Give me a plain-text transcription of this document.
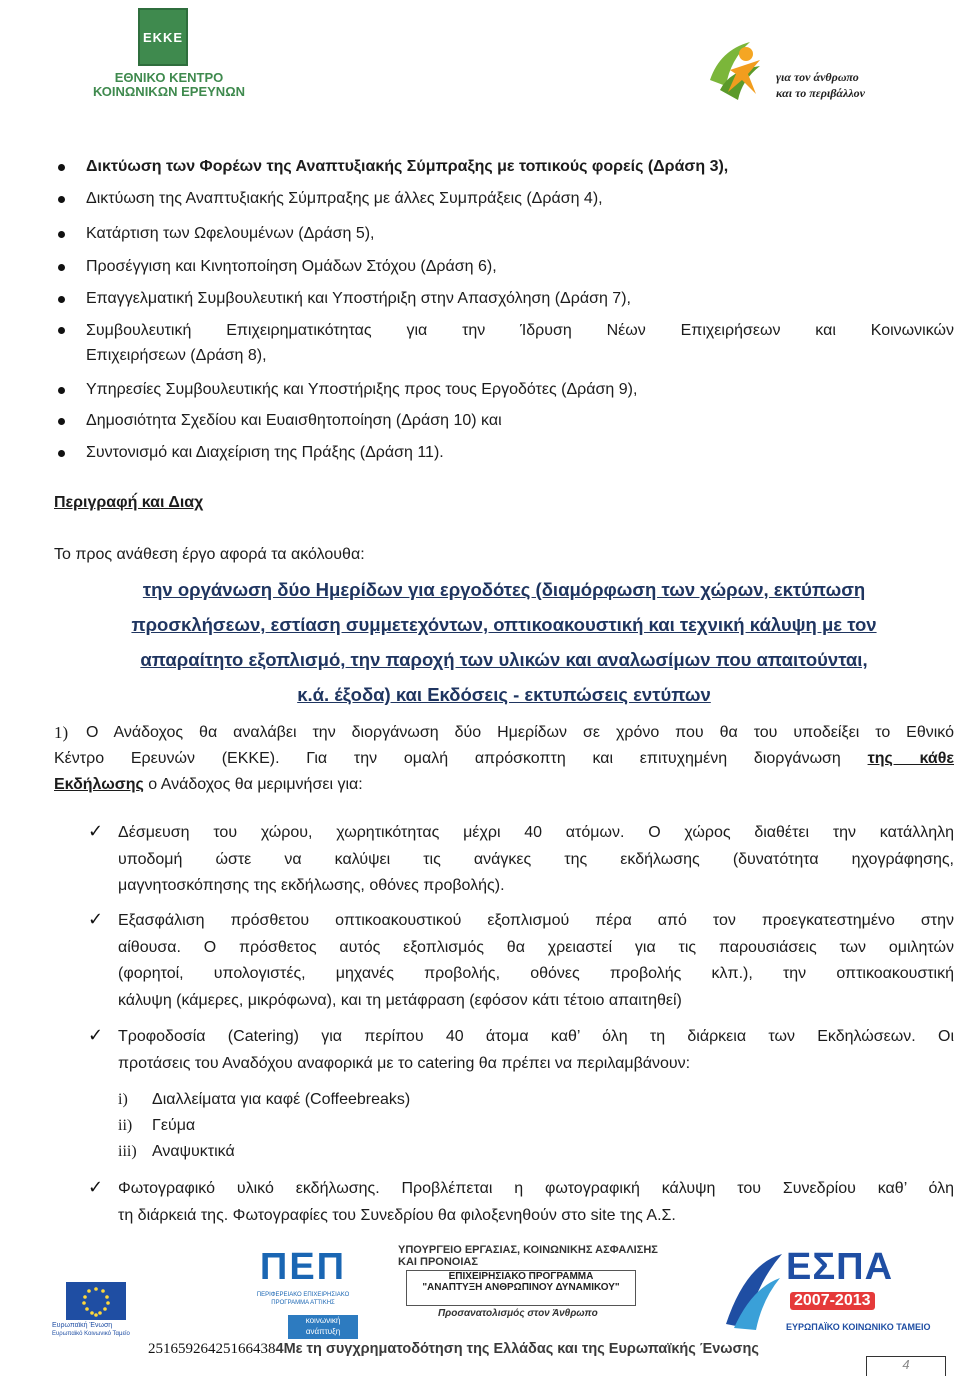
ΕΚΚΕ
ΕΘΝΙΚΟ ΚΕΝΤΡΟ
ΚΟΙΝΩΝΙΚΩΝ ΕΡΕΥΝΩΝ
για τον άνθρωπο
και το περιβάλλον
Δικτύωση των Φορέων της Αναπτυξιακής Σύμπραξης με τοπικούς φορείς (Δράση 3),
Δικτύωση της Αναπτυξιακής Σύμπραξης με άλλες Συμπράξεις (Δράση 4),
Κατάρτιση των Ωφελουμένων (Δράση 5),
Προσέγγιση και Κινητοποίηση Ομάδων Στόχου (Δράση 6),
Επαγγελματική Συμβουλευτική και Υποστήριξη στην Απασχόληση (Δράση 7),
Συμβουλευτική Επιχειρηματικότητας για την Ίδρυση Νέων Επιχειρήσεων και Κοινωνικών
Επιχειρήσεων (Δράση 8),
Υπηρεσίες Συμβουλευτικής και Υποστήριξης προς τους Εργοδότες (Δράση 9),
Δημοσιότητα Σχεδίου και Ευαισθητοποίηση (Δράση 10) και
Συντονισμό και Διαχείριση της Πράξης (Δράση 11).
Περιγραφή́ και Διαχ
Το προς ανάθεση έργο αφορά τα ακόλουθα:
την οργάνωση δύο Ημερίδων για εργοδότες (διαμόρφωση των χώρων, εκτύπωση
προσκλήσεων, εστίαση συμμετεχόντων, οπτικοακουστική και τεχνική κάλυψη με τον
απαραίτητο εξοπλισμό, την παροχή των υλικών και αναλωσίμων που απαιτούνται,
κ.ά. έξοδα) και Εκδόσεις - εκτυπώσεις εντύπων
1) Ο Ανάδοχος θα αναλάβει την διοργάνωση δύο Ημερίδων σε χρόνο που θα του υποδείξει το Εθνικό
Κέντρο Ερευνών (ΕΚΚΕ). Για την ομαλή απρόσκοπτη και επιτυχημένη διοργάνωση της κάθε
Εκδήλωσης ο Ανάδοχος θα μεριμνήσει για:
✓ Δέσμευση του χώρου, χωρητικότητας μέχρι 40 ατόμων. Ο χώρος διαθέτει την κατάλληλη
υποδομή ώστε να καλύψει τις ανάγκες της εκδήλωσης (δυνατότητα ηχογράφησης,
μαγνητοσκόπησης της εκδήλωσης, οθόνες προβολής).
✓ Εξασφάλιση πρόσθετου οπτικοακουστικού εξοπλισμού πέρα από τον προεγκατεστημένο στην
αίθουσα. Ο πρόσθετος αυτός εξοπλισμός θα χρειαστεί για τις παρουσιάσεις των ομιλητών
(φορητοί, υπολογιστές, μηχανές προβολής, οθόνες προβολής κλπ.), την οπτικοακουστική
κάλυψη (κάμερες, μικρόφωνα), και τη μετάφραση (εφόσον κάτι τέτοιο απαιτηθεί)
✓ Τροφοδοσία (Catering) για περίπου 40 άτομα καθ’ όλη τη διάρκεια των Εκδηλώσεων. Οι
προτάσεις του Αναδόχου αναφορικά με το catering θα πρέπει να περιλαμβάνουν:
i) Διαλλείματα για καφέ (Coffeebreaks)
ii) Γεύμα
iii) Αναψυκτικά
✓ Φωτογραφικό υλικό εκδήλωσης. Προβλέπεται η φωτογραφική κάλυψη του Συνεδρίου καθ’ όλη
τη διάρκειά της. Φωτογραφίες του Συνεδρίου θα φιλοξενηθούν στο site της Α.Σ.
Ευρωπαϊκή Ένωση
Ευρωπαϊκό Κοινωνικό Ταμείο
ΠΕΠ
ΠΕΡΙΦΕΡΕΙΑΚΟ ΕΠΙΧΕΙΡΗΣΙΑΚΟ ΠΡΟΓΡΑΜΜΑ ΑΤΤΙΚΗΣ
κοινωνική ανάπτυξη
ΥΠΟΥΡΓΕΙΟ ΕΡΓΑΣΙΑΣ, ΚΟΙΝΩΝΙΚΗΣ ΑΣΦΑΛΙΣΗΣ ΚΑΙ ΠΡΟΝΟΙΑΣ
ΕΠΙΧΕΙΡΗΣΙΑΚΟ ΠΡΟΓΡΑΜΜΑ
"ΑΝΑΠΤΥΞΗ ΑΝΘΡΩΠΙΝΟΥ ΔΥΝΑΜΙΚΟΥ"
Προσανατολισμός στον Άνθρωπο
ΕΣΠΑ
2007-2013
ΕΥΡΩΠΑΪΚΟ ΚΟΙΝΩΝΙΚΟ ΤΑΜΕΙΟ
251659264251664384Με τη συγχρηματοδότηση της Ελλάδας και της Ευρωπαϊκής Ένωσης
4
